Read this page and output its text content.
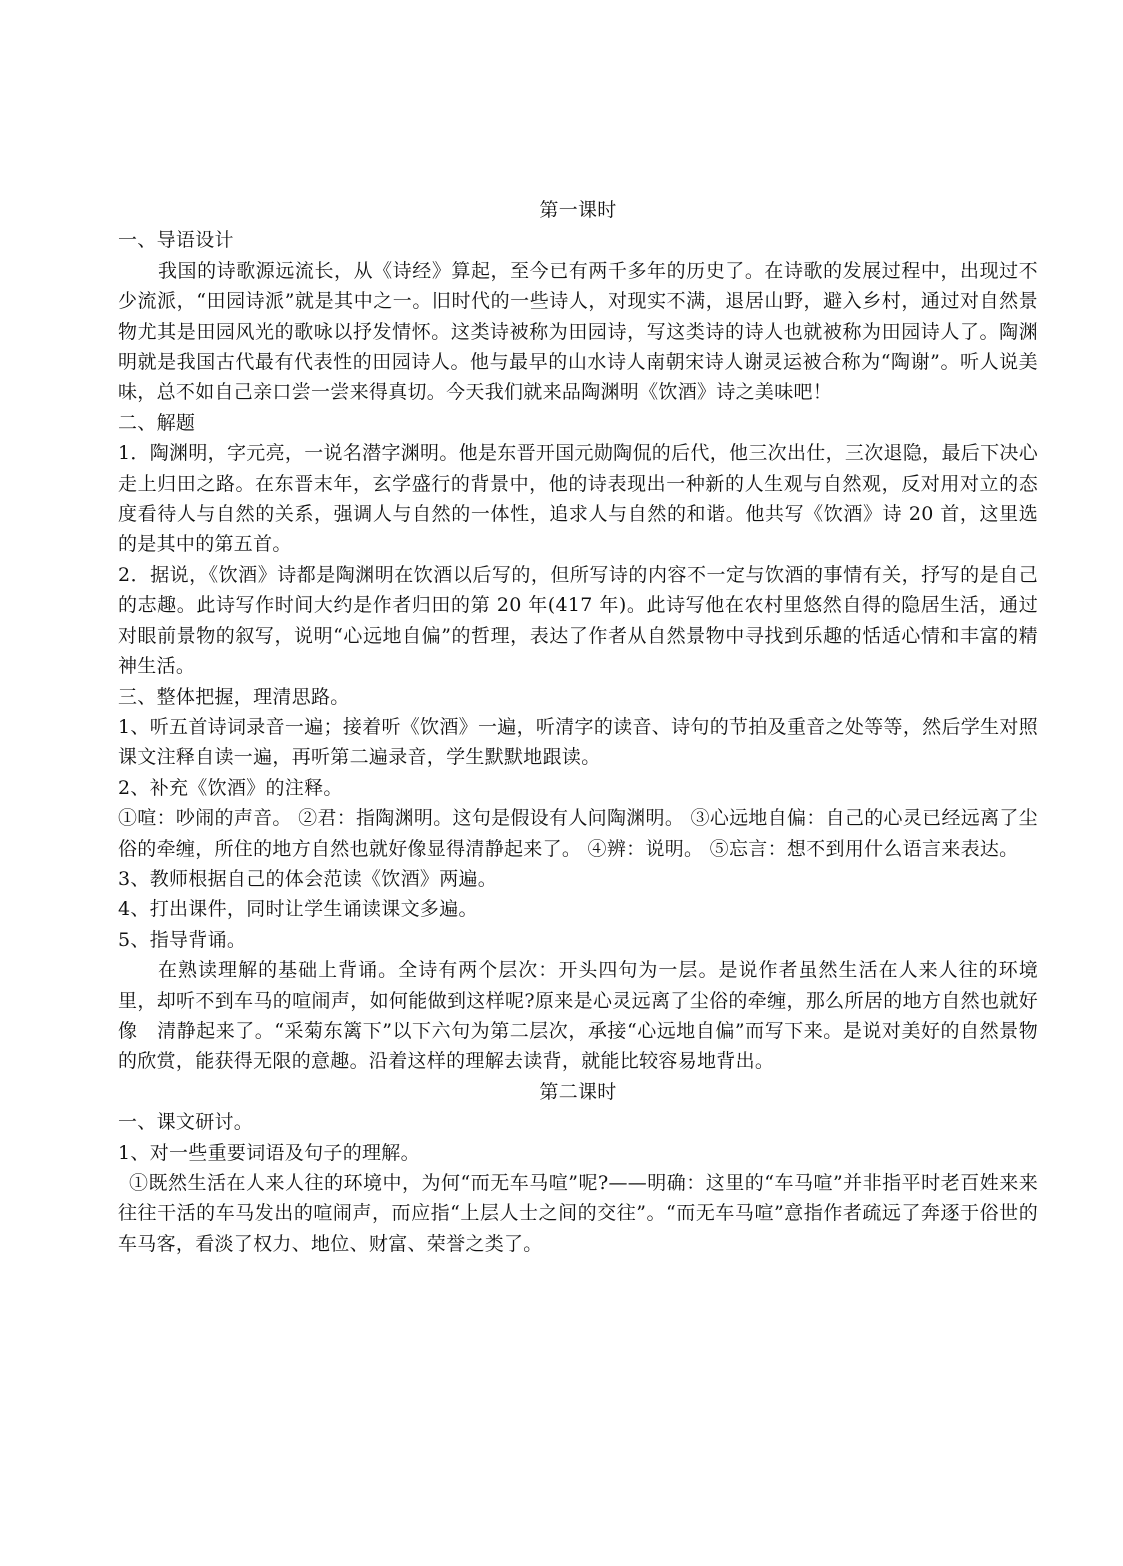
第一课时

一、导语设计

我国的诗歌源远流长，从《诗经》算起，至今已有两千多年的历史了。在诗歌的发展过程中，出现过不少流派，“田园诗派”就是其中之一。旧时代的一些诗人，对现实不满，退居山野，避入乡村，通过对自然景物尤其是田园风光的歌咏以抒发情怀。这类诗被称为田园诗，写这类诗的诗人也就被称为田园诗人了。陶渊明就是我国古代最有代表性的田园诗人。他与最早的山水诗人南朝宋诗人谢灵运被合称为“陶谢”。听人说美味，总不如自己亲口尝一尝来得真切。今天我们就来品陶渊明《饮酒》诗之美味吧！

二、解题

1．陶渊明，字元亮，一说名潜字渊明。他是东晋开国元勋陶侃的后代，他三次出仕，三次退隐，最后下决心走上归田之路。在东晋末年，玄学盛行的背景中，他的诗表现出一种新的人生观与自然观，反对用对立的态度看待人与自然的关系，强调人与自然的一体性，追求人与自然的和谐。他共写《饮酒》诗 20 首，这里选的是其中的第五首。

2．据说，《饮酒》诗都是陶渊明在饮酒以后写的，但所写诗的内容不一定与饮酒的事情有关，抒写的是自己的志趣。此诗写作时间大约是作者归田的第 20 年(417 年)。此诗写他在农村里悠然自得的隐居生活，通过对眼前景物的叙写，说明“心远地自偏”的哲理，表达了作者从自然景物中寻找到乐趣的恬适心情和丰富的精神生活。

三、整体把握，理清思路。

1、听五首诗词录音一遍；接着听《饮酒》一遍，听清字的读音、诗句的节拍及重音之处等等，然后学生对照课文注释自读一遍，再听第二遍录音，学生默默地跟读。

2、补充《饮酒》的注释。

①喧：吵闹的声音。 ②君：指陶渊明。这句是假设有人问陶渊明。 ③心远地自偏：自己的心灵已经远离了尘俗的牵缠，所住的地方自然也就好像显得清静起来了。 ④辨：说明。 ⑤忘言：想不到用什么语言来表达。

3、教师根据自己的体会范读《饮酒》两遍。

4、打出课件，同时让学生诵读课文多遍。

5、指导背诵。

在熟读理解的基础上背诵。全诗有两个层次：开头四句为一层。是说作者虽然生活在人来人往的环境里，却听不到车马的喧闹声，如何能做到这样呢?原来是心灵远离了尘俗的牵缠，那么所居的地方自然也就好像　清静起来了。“采菊东篱下”以下六句为第二层次，承接“心远地自偏”而写下来。是说对美好的自然景物的欣赏，能获得无限的意趣。沿着这样的理解去读背，就能比较容易地背出。

第二课时

一、课文研讨。

1、对一些重要词语及句子的理解。

①既然生活在人来人往的环境中，为何“而无车马喧”呢?——明确：这里的“车马喧”并非指平时老百姓来来往往干活的车马发出的喧闹声，而应指“上层人士之间的交往”。“而无车马喧”意指作者疏远了奔逐于俗世的车马客，看淡了权力、地位、财富、荣誉之类了。
